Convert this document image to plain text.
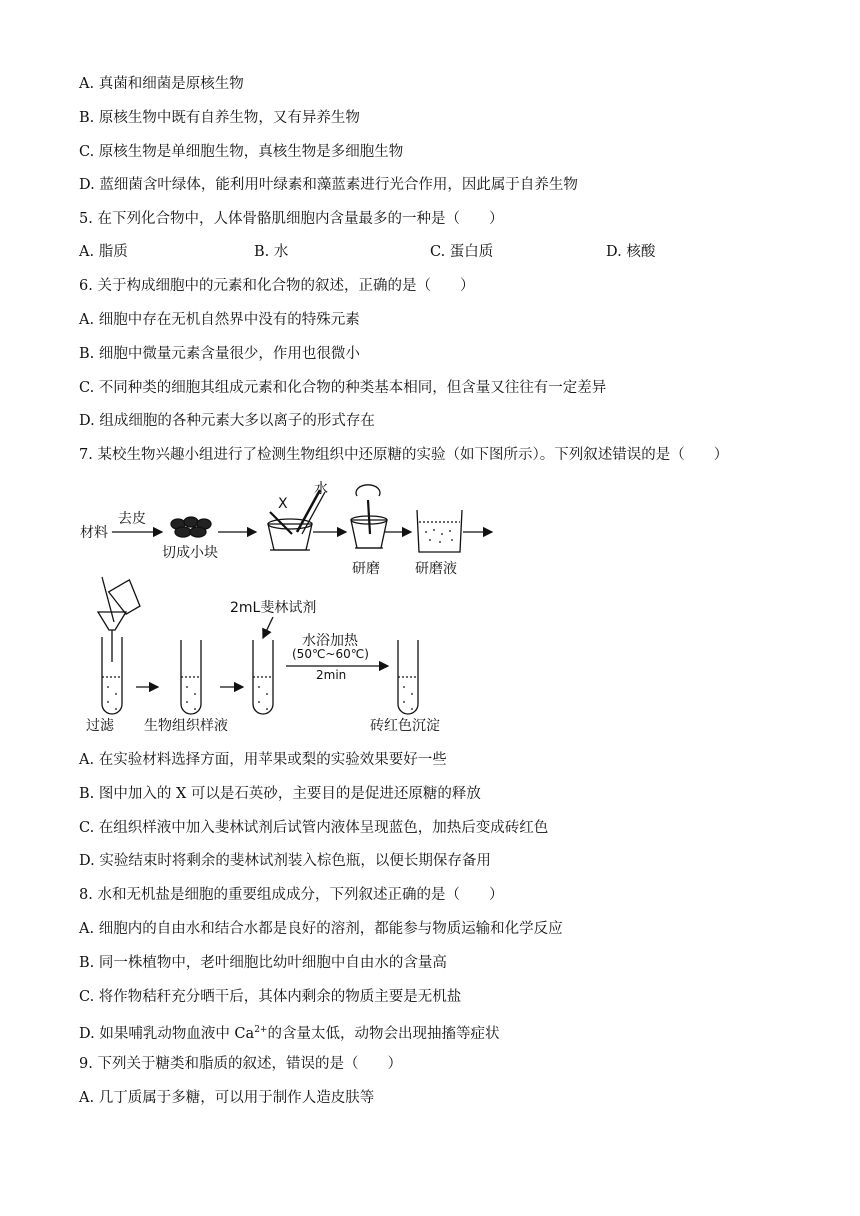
A. 真菌和细菌是原核生物
B. 原核生物中既有自养生物，又有异养生物
C. 原核生物是单细胞生物，真核生物是多细胞生物
D. 蓝细菌含叶绿体，能利用叶绿素和藻蓝素进行光合作用，因此属于自养生物
5. 在下列化合物中，人体骨骼肌细胞内含量最多的一种是（　　）
A. 脂质	B. 水	C. 蛋白质	D. 核酸
6. 关于构成细胞中的元素和化合物的叙述，正确的是（　　）
A. 细胞中存在无机自然界中没有的特殊元素
B. 细胞中微量元素含量很少，作用也很微小
C. 不同种类的细胞其组成元素和化合物的种类基本相同，但含量又往往有一定差异
D. 组成细胞的各种元素大多以离子的形式存在
7. 某校生物兴趣小组进行了检测生物组织中还原糖的实验（如下图所示）。下列叙述错误的是（　　）
材料
去皮
切成小块
X
水
研磨	研磨液
2mL斐林试剂
水浴加热
(50℃~60℃)
2min
过滤 生物组织样液	砖红色沉淀
A. 在实验材料选择方面，用苹果或梨的实验效果要好一些
B. 图中加入的 X 可以是石英砂，主要目的是促进还原糖的释放
C. 在组织样液中加入斐林试剂后试管内液体呈现蓝色，加热后变成砖红色
D. 实验结束时将剩余的斐林试剂装入棕色瓶，以便长期保存备用
8. 水和无机盐是细胞的重要组成成分，下列叙述正确的是（　　）
A. 细胞内的自由水和结合水都是良好的溶剂，都能参与物质运输和化学反应
B. 同一株植物中，老叶细胞比幼叶细胞中自由水的含量高
C. 将作物秸秆充分晒干后，其体内剩余的物质主要是无机盐
D. 如果哺乳动物血液中 $Ca^{2+}$的含量太低，动物会出现抽搐等症状
9. 下列关于糖类和脂质的叙述，错误的是（　　）
A. 几丁质属于多糖，可以用于制作人造皮肤等
